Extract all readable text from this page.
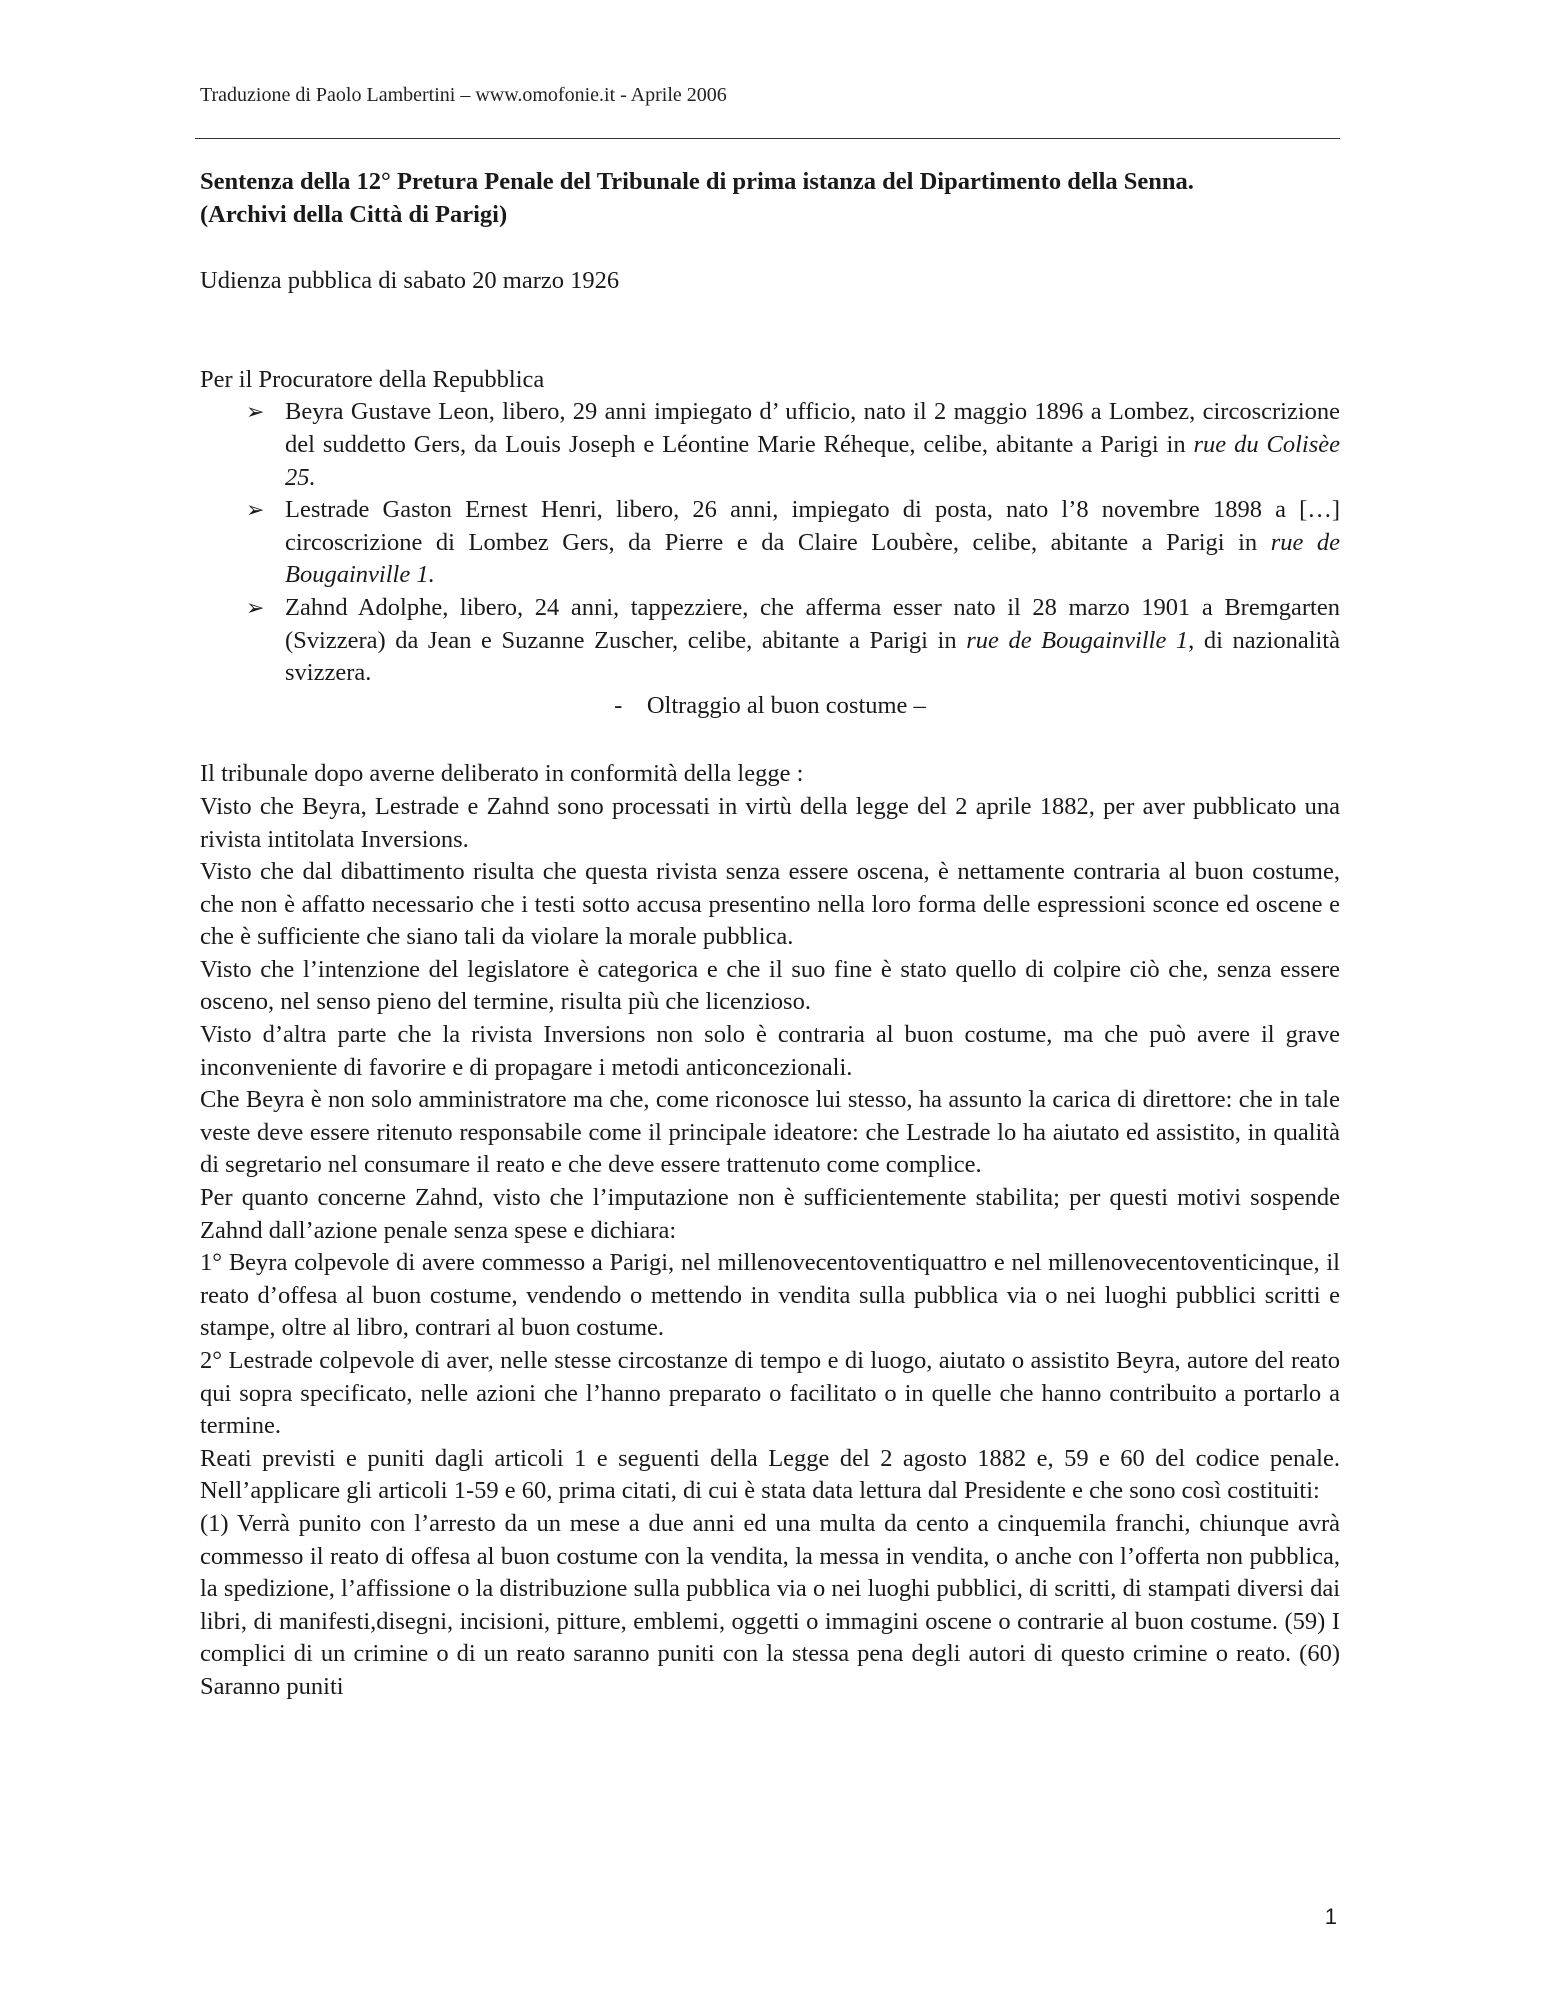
Traduzione di Paolo Lambertini – www.omofonie.it - Aprile 2006

Sentenza della 12° Pretura Penale del Tribunale di prima istanza del Dipartimento della Senna.

(Archivi della Città di Parigi)

Udienza pubblica di sabato 20 marzo 1926

Per il Procuratore della Repubblica

➢ Beyra Gustave Leon, libero, 29 anni impiegato d’ ufficio, nato il 2 maggio 1896 a Lombez, circoscrizione del suddetto Gers, da Louis Joseph e Léontine Marie Réheque, celibe, abitante a Parigi in rue du Colisèe 25.
➢ Lestrade Gaston Ernest Henri, libero, 26 anni, impiegato di posta, nato l’8 novembre 1898 a […] circoscrizione di Lombez Gers, da Pierre e da Claire Loubère, celibe, abitante a Parigi in rue de Bougainville 1.
➢ Zahnd Adolphe, libero, 24 anni, tappezziere, che afferma esser nato il 28 marzo 1901 a Bremgarten (Svizzera) da Jean e Suzanne Zuscher, celibe, abitante a Parigi in rue de Bougainville 1, di nazionalità svizzera.

-    Oltraggio al buon costume –

Il tribunale dopo averne deliberato in conformità della legge :

Visto che Beyra, Lestrade e Zahnd sono processati in virtù della legge del 2 aprile 1882, per aver pubblicato una rivista intitolata Inversions.

Visto che dal dibattimento risulta che questa rivista senza essere oscena, è nettamente contraria al buon costume, che non è affatto necessario che i testi sotto accusa presentino nella loro forma delle espressioni sconce ed oscene e che è sufficiente che siano tali da violare la morale pubblica.

Visto che l’intenzione del legislatore è categorica e che il suo fine è stato quello di colpire ciò che, senza essere osceno, nel senso pieno del termine, risulta più che licenzioso.

Visto d’altra parte che la rivista Inversions non solo è contraria al buon costume, ma che può avere il grave inconveniente di favorire e di propagare i metodi anticoncezionali.

Che Beyra è non solo amministratore ma che, come riconosce lui stesso, ha assunto la carica di direttore: che in tale veste deve essere ritenuto responsabile come il principale ideatore: che Lestrade lo ha aiutato ed assistito, in qualità di segretario nel consumare il reato e che deve essere trattenuto come complice.

Per quanto concerne Zahnd, visto che l’imputazione non è sufficientemente stabilita; per questi motivi sospende Zahnd dall’azione penale senza spese e dichiara:

1° Beyra colpevole di avere commesso a Parigi, nel millenovecentoventiquattro e nel millenovecentoventicinque, il reato d’offesa al buon costume, vendendo o mettendo in vendita sulla pubblica via o nei luoghi pubblici scritti e stampe, oltre al libro, contrari al buon costume.

2° Lestrade colpevole di aver, nelle stesse circostanze di tempo e di luogo, aiutato o assistito Beyra, autore del reato qui sopra specificato, nelle azioni che l’hanno preparato o facilitato o in quelle che hanno contribuito a portarlo a termine.

Reati previsti e puniti dagli articoli 1 e seguenti della Legge del 2 agosto 1882 e, 59 e 60 del codice penale. Nell’applicare gli articoli 1-59 e 60, prima citati, di cui è stata data lettura dal Presidente e che sono così costituiti:

(1) Verrà punito con l’arresto da un mese a due anni ed una multa da cento a cinquemila franchi, chiunque avrà commesso il reato di offesa al buon costume con la vendita, la messa in vendita, o anche con l’offerta non pubblica, la spedizione, l’affissione o la distribuzione sulla pubblica via o nei luoghi pubblici, di scritti, di stampati diversi dai libri, di manifesti,disegni, incisioni, pitture, emblemi, oggetti o immagini oscene o contrarie al buon costume. (59) I complici di un crimine o di un reato saranno puniti con la stessa pena degli autori di questo crimine o reato. (60) Saranno puniti

1
